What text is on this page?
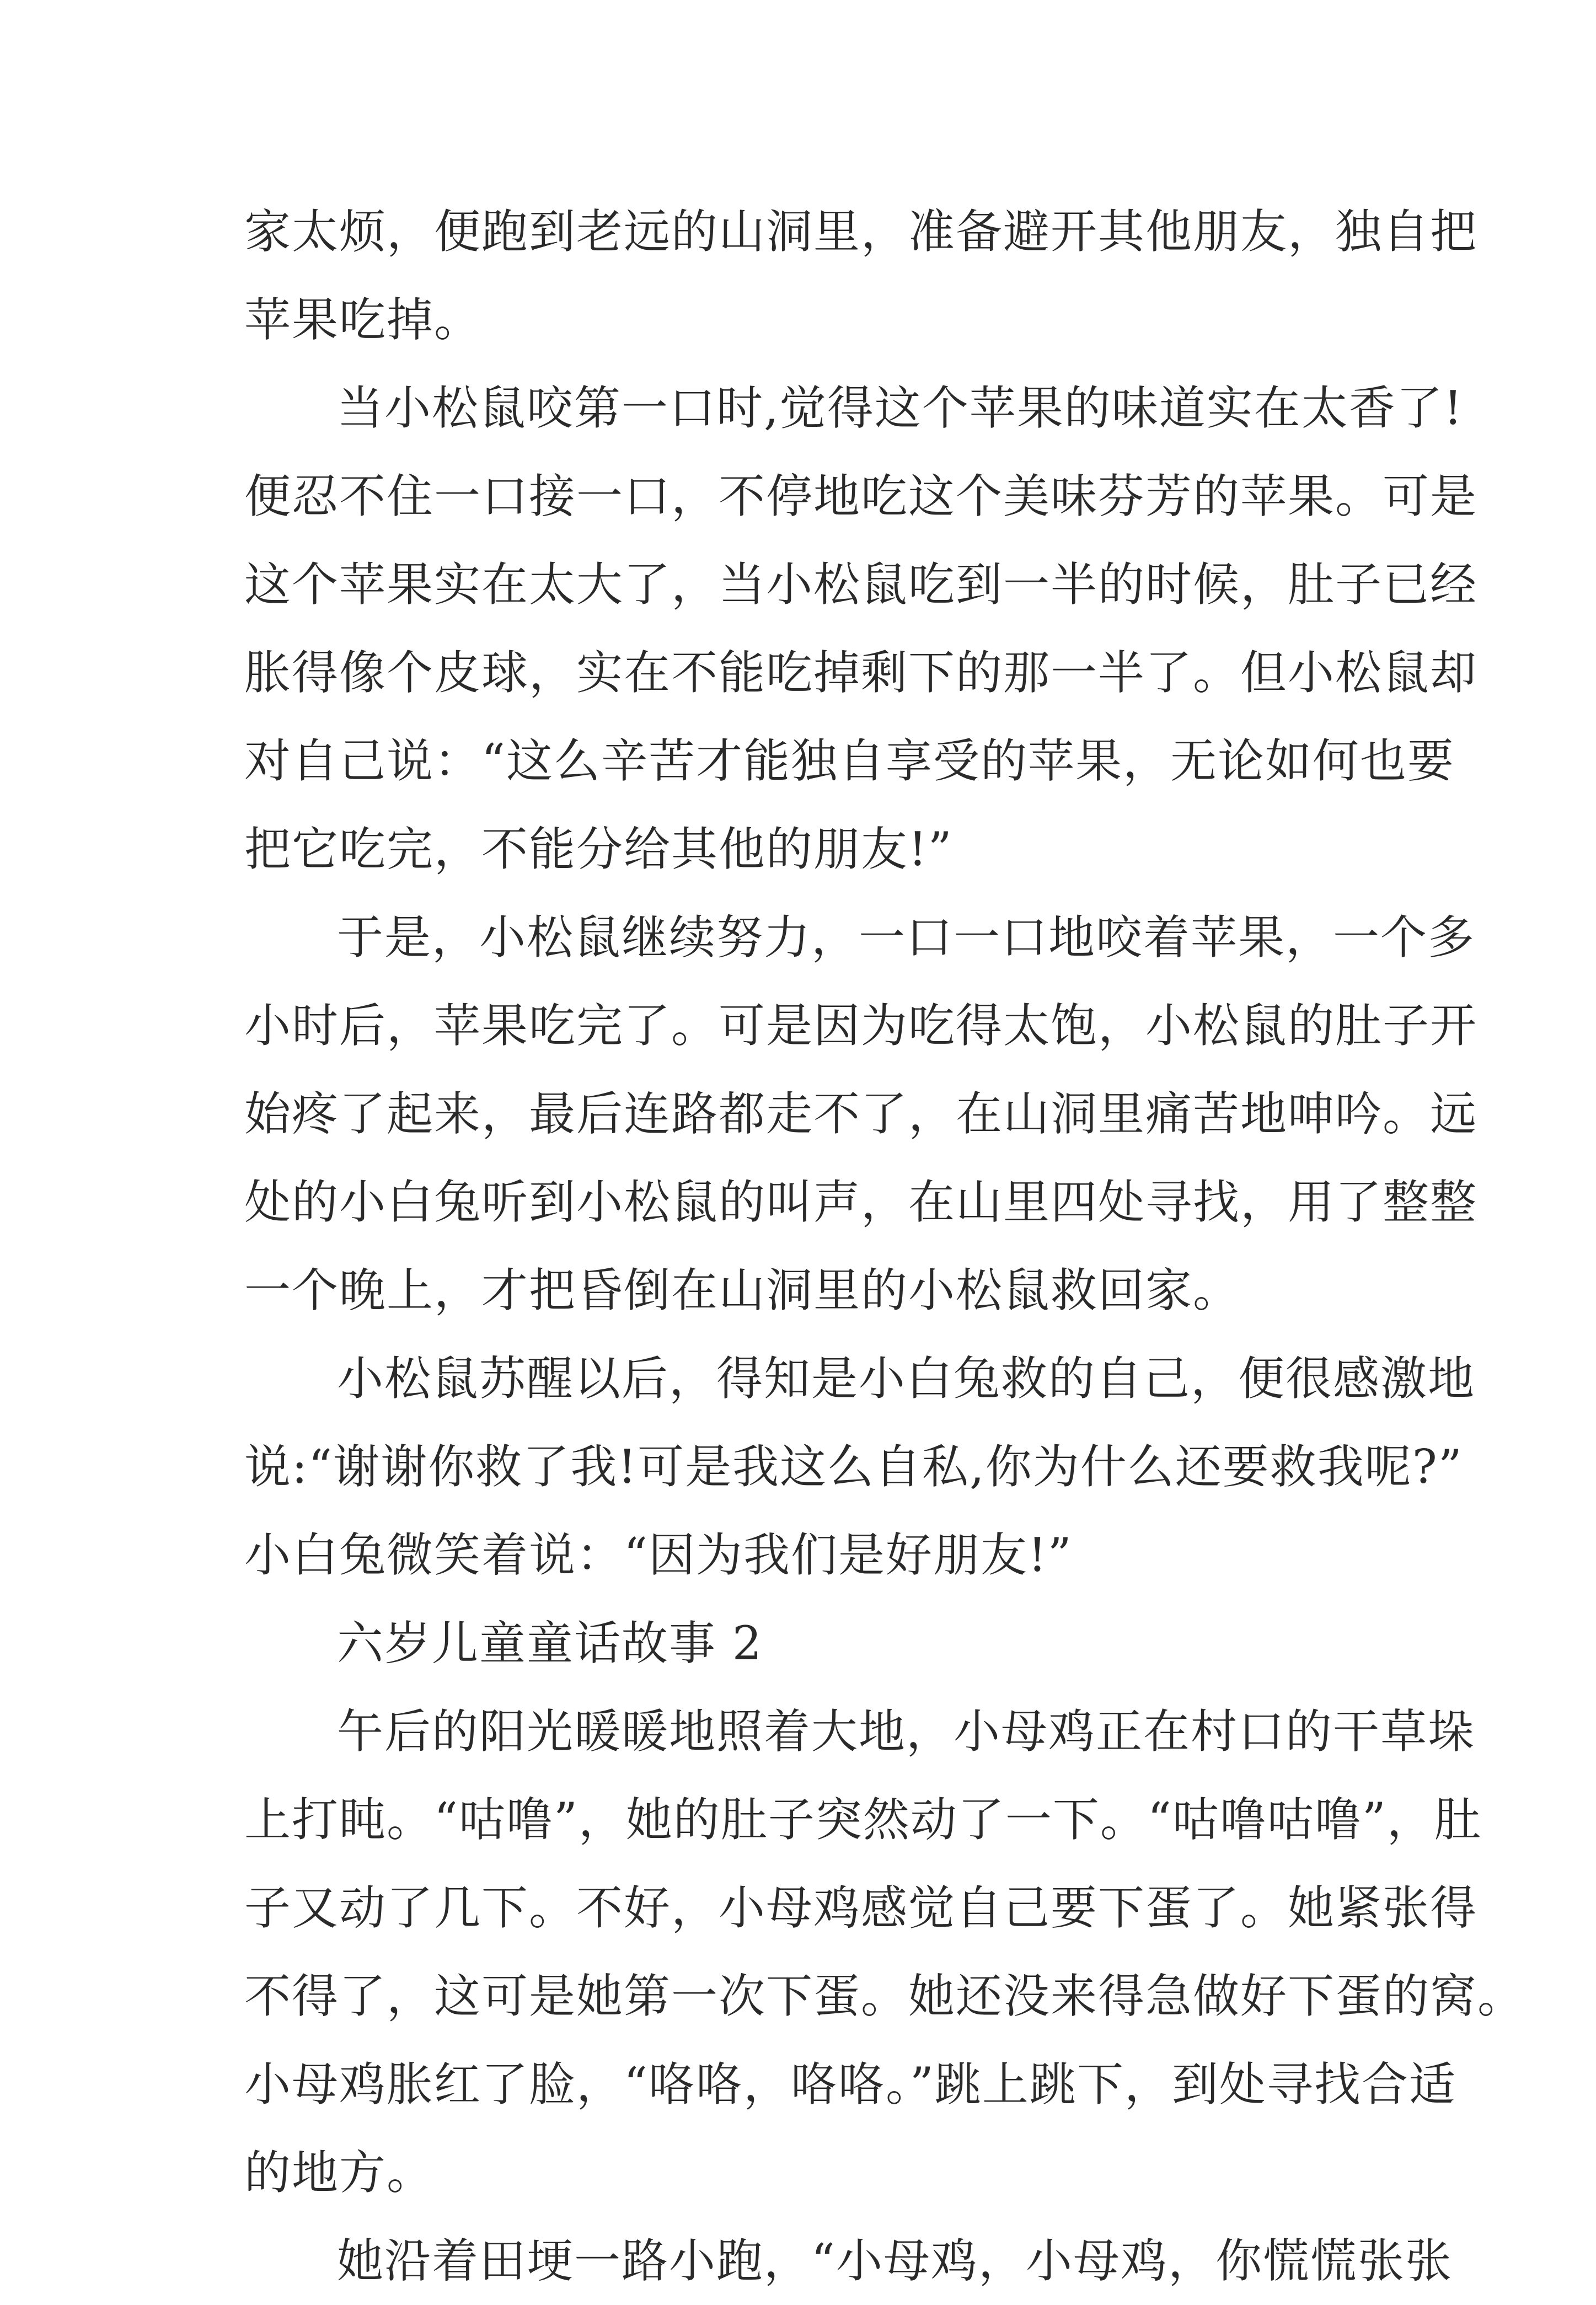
家太烦，便跑到老远的山洞里，准备避开其他朋友，独自把
苹果吃掉。
当小松鼠咬第一口时,觉得这个苹果的味道实在太香了!
便忍不住一口接一口，不停地吃这个美味芬芳的苹果。可是
这个苹果实在太大了，当小松鼠吃到一半的时候，肚子已经
胀得像个皮球，实在不能吃掉剩下的那一半了。但小松鼠却
对自己说：“这么辛苦才能独自享受的苹果，无论如何也要
把它吃完，不能分给其他的朋友!”
于是，小松鼠继续努力，一口一口地咬着苹果，一个多
小时后，苹果吃完了。可是因为吃得太饱，小松鼠的肚子开
始疼了起来，最后连路都走不了，在山洞里痛苦地呻吟。远
处的小白兔听到小松鼠的叫声，在山里四处寻找，用了整整
一个晚上，才把昏倒在山洞里的小松鼠救回家。
小松鼠苏醒以后，得知是小白兔救的自己，便很感激地
说:“谢谢你救了我!可是我这么自私,你为什么还要救我呢?”
小白兔微笑着说：“因为我们是好朋友!”
六岁儿童童话故事 2
午后的阳光暖暖地照着大地，小母鸡正在村口的干草垛
上打盹。“咕噜”，她的肚子突然动了一下。“咕噜咕噜”，肚
子又动了几下。不好，小母鸡感觉自己要下蛋了。她紧张得
不得了，这可是她第一次下蛋。她还没来得急做好下蛋的窝。
小母鸡胀红了脸，“咯咯，咯咯。”跳上跳下，到处寻找合适
的地方。
她沿着田埂一路小跑，“小母鸡，小母鸡，你慌慌张张
